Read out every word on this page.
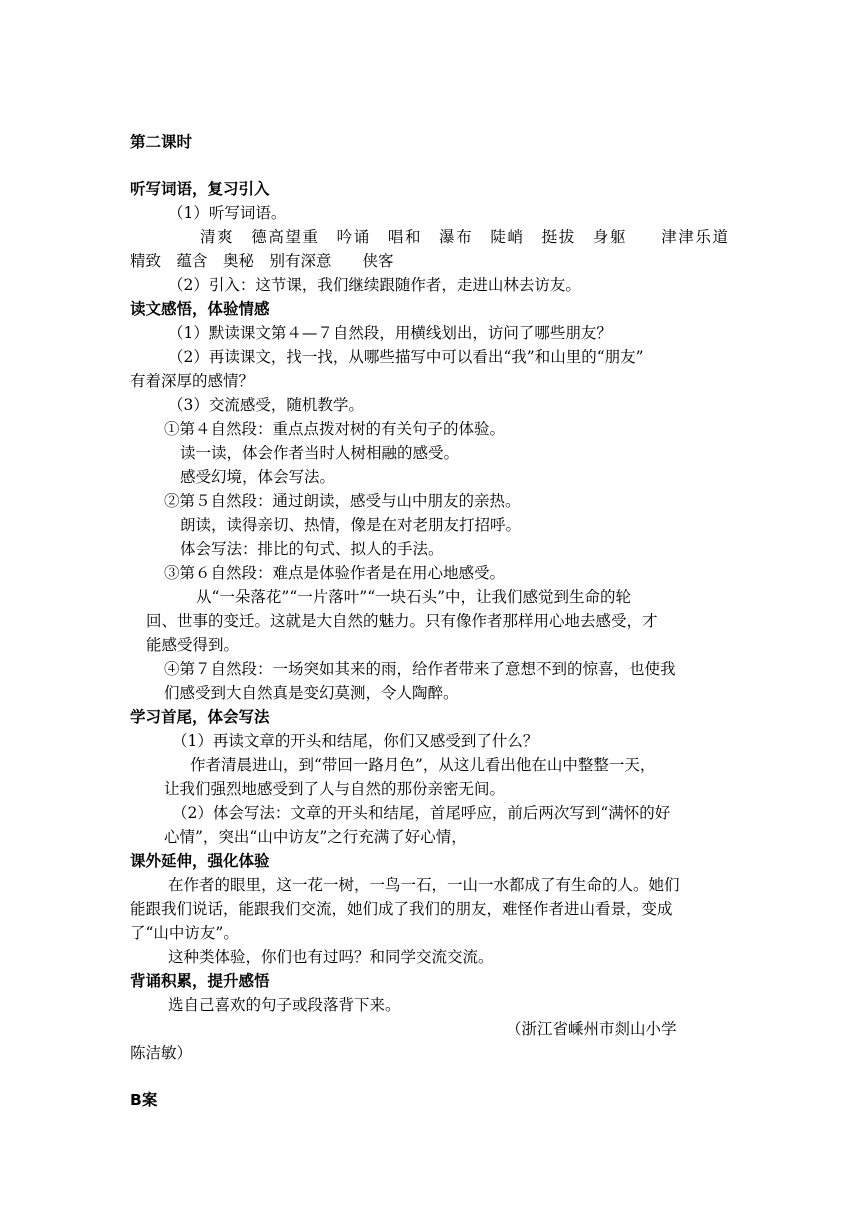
第二课时
听写词语，复习引入
（1）听写词语。
清爽　德高望重　吟诵　唱和　瀑布　陡峭　挺拔　身躯　　津津乐道
精致　蕴含　奥秘　别有深意　　侠客
（2）引入：这节课，我们继续跟随作者，走进山林去访友。
读文感悟，体验情感
（1）默读课文第４—７自然段，用横线划出，访问了哪些朋友？
（2）再读课文，找一找，从哪些描写中可以看出“我”和山里的“朋友”
有着深厚的感情？
（3）交流感受，随机教学。
①第４自然段：重点点拨对树的有关句子的体验。
读一读，体会作者当时人树相融的感受。
感受幻境，体会写法。
②第５自然段：通过朗读，感受与山中朋友的亲热。
朗读，读得亲切、热情，像是在对老朋友打招呼。
体会写法：排比的句式、拟人的手法。
③第６自然段：难点是体验作者是在用心地感受。
从“一朵落花”“一片落叶”“一块石头”中，让我们感觉到生命的轮
回、世事的变迁。这就是大自然的魅力。只有像作者那样用心地去感受，才
能感受得到。
④第７自然段：一场突如其来的雨，给作者带来了意想不到的惊喜，也使我
们感受到大自然真是变幻莫测，令人陶醉。
学习首尾，体会写法
（1）再读文章的开头和结尾，你们又感受到了什么？
作者清晨进山，到“带回一路月色”，从这儿看出他在山中整整一天，
让我们强烈地感受到了人与自然的那份亲密无间。
（2）体会写法：文章的开头和结尾，首尾呼应，前后两次写到“满怀的好
心情”，突出“山中访友”之行充满了好心情，
课外延伸，强化体验
在作者的眼里，这一花一树，一鸟一石，一山一水都成了有生命的人。她们
能跟我们说话，能跟我们交流，她们成了我们的朋友，难怪作者进山看景，变成
了“山中访友”。
这种类体验，你们也有过吗？和同学交流交流。
背诵积累，提升感悟
选自己喜欢的句子或段落背下来。
（浙江省嵊州市剡山小学
陈洁敏）
B案
